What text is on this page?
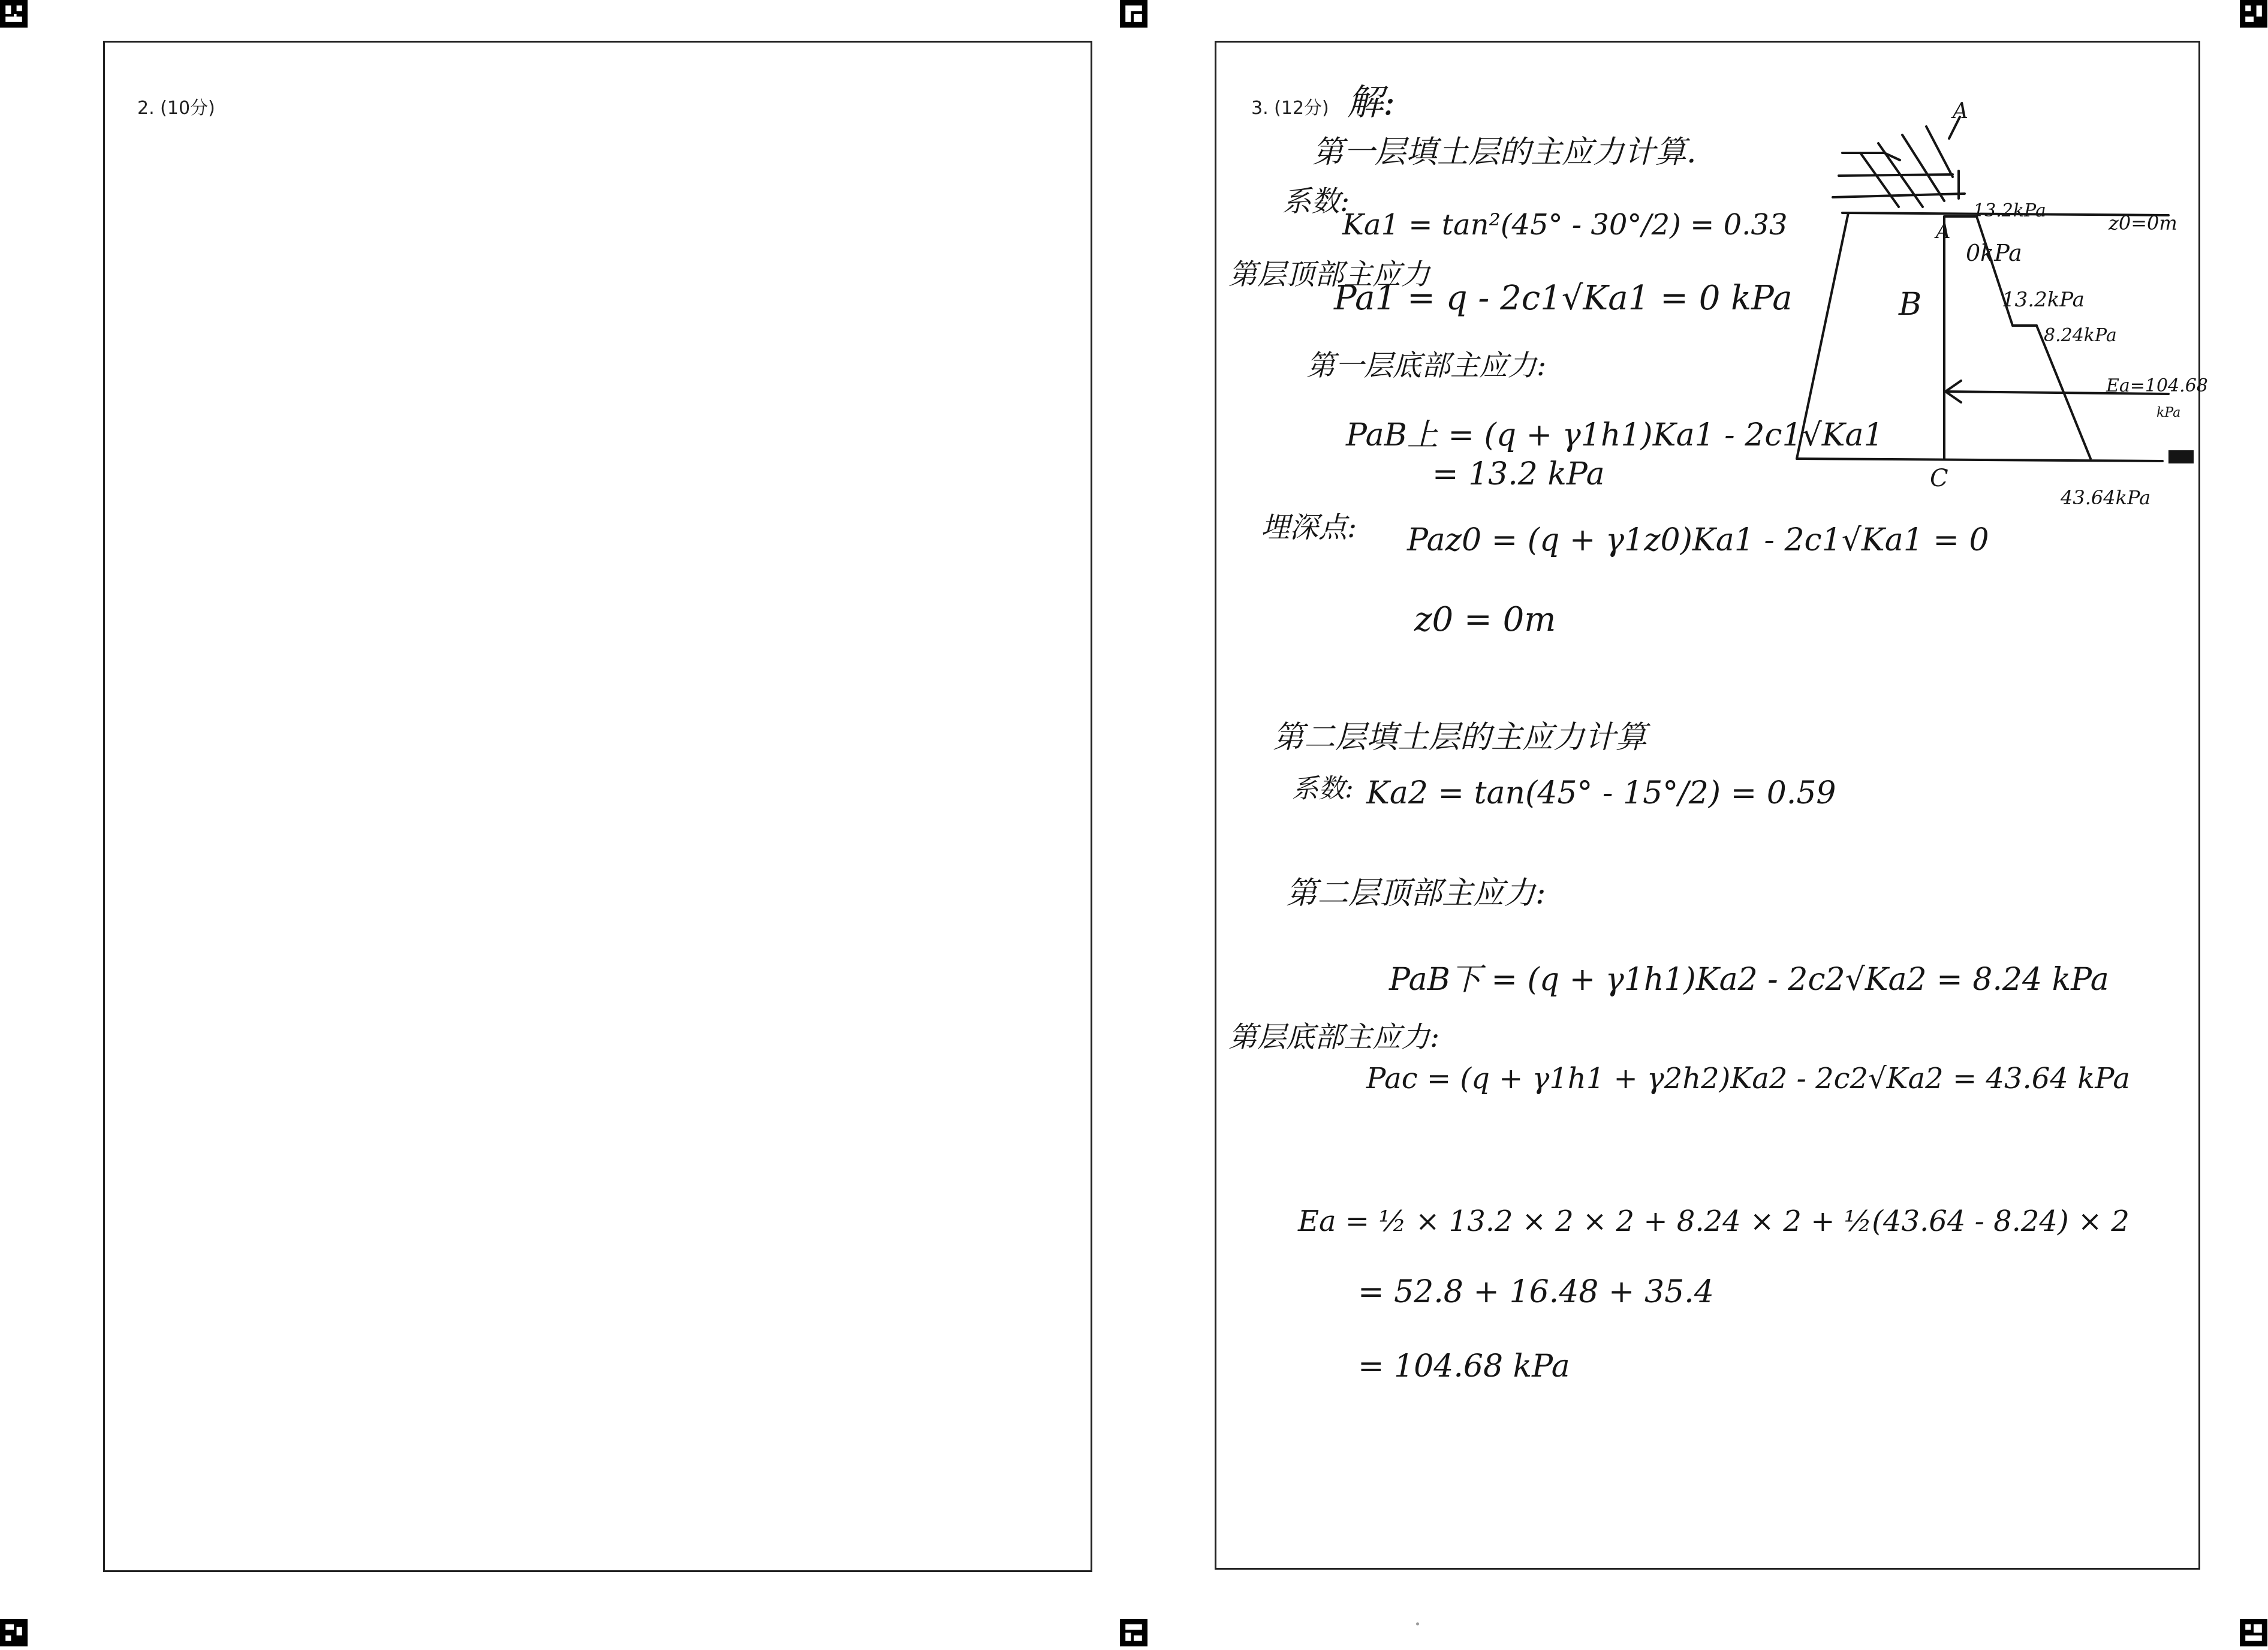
2. (10分)	3. (12分) 解:
第一层填土层的主应力计算.
系数:
Ka1 = tan²(45° - 30°/2) = 0.33
第层顶部主应力
Pa1 = q - 2c1√Ka1 = 0 kPa
第一层底部主应力:
PaB上 = (q + γ1h1)Ka1 - 2c1√Ka1
= 13.2 kPa
埋深点: Paz0 = (q + γ1z0)Ka1 - 2c1√Ka1 = 0
z0 = 0m
第二层填土层的主应力计算
系数: Ka2 = tan(45° - 15°/2) = 0.59
第二层顶部主应力:
PaB下 = (q + γ1h1)Ka2 - 2c2√Ka2 = 8.24 kPa
第层底部主应力:
Pac = (q + γ1h1 + γ2h2)Ka2 - 2c2√Ka2 = 43.64 kPa
Ea = ½ × 13.2 × 2 × 2 + 8.24 × 2 + ½(43.64 - 8.24) × 2
= 52.8 + 16.48 + 35.4
= 104.68 kPa
A
A
B
C
13.2kPa
z0=0m
0kPa
13.2kPa
8.24kPa
Ea=104.68
kPa
43.64kPa
